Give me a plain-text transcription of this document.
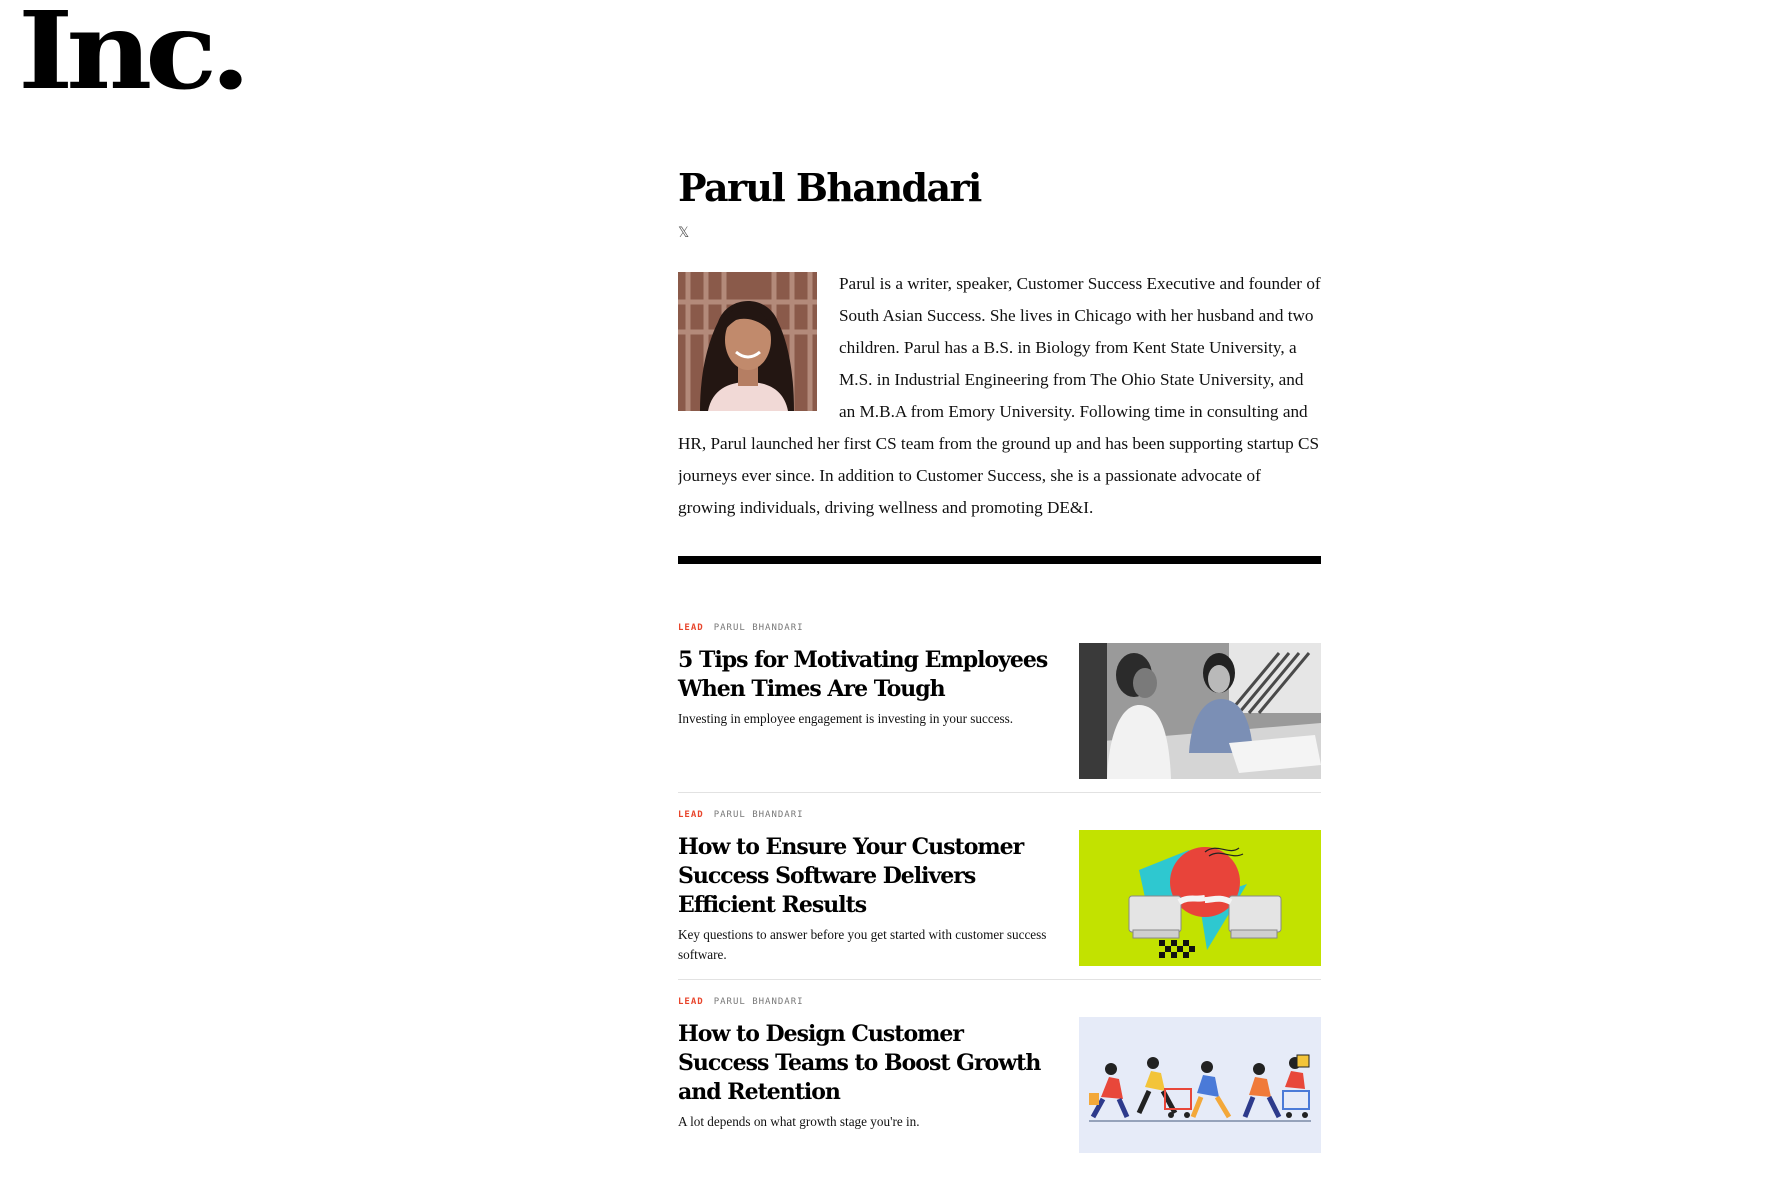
Inc.
Parul Bhandari
𝕏

Parul is a writer, speaker, Customer Success Executive and founder of South Asian Success. She lives in Chicago with her husband and two children. Parul has a B.S. in Biology from Kent State University, a M.S. in Industrial Engineering from The Ohio State University, and an M.B.A from Emory University. Following time in consulting and HR, Parul launched her first CS team from the ground up and has been supporting startup CS journeys ever since. In addition to Customer Success, she is a passionate advocate of growing individuals, driving wellness and promoting DE&I.

LEAD PARUL BHANDARI
5 Tips for Motivating Employees When Times Are Tough

Investing in employee engagement is investing in your success.

LEAD PARUL BHANDARI
How to Ensure Your Customer Success Software Delivers Efficient Results

Key questions to answer before you get started with customer success software.

LEAD PARUL BHANDARI
How to Design Customer Success Teams to Boost Growth and Retention

A lot depends on what growth stage you're in.
